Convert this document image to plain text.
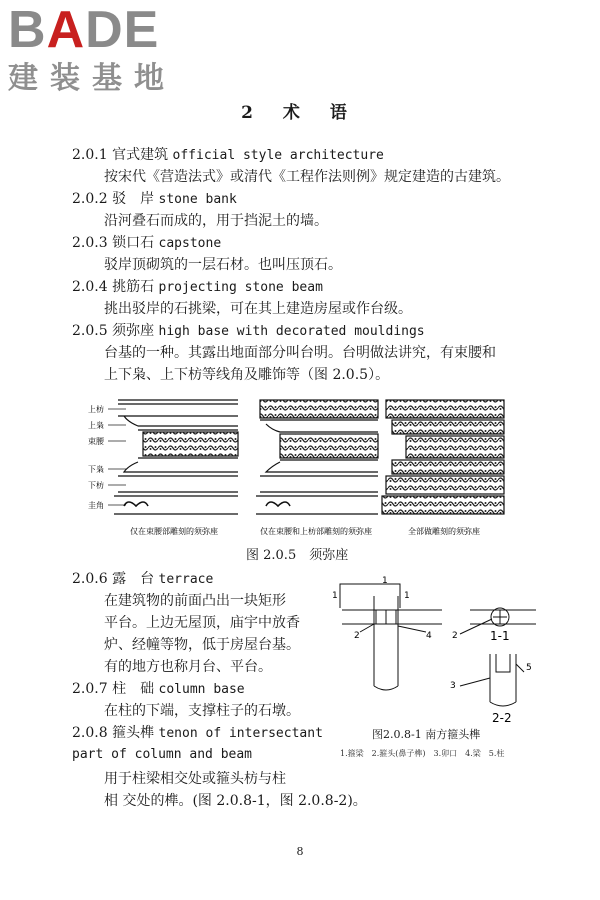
BADE
建装基地
2 术 语
2.0.1 官式建筑 official style architecture
按宋代《营造法式》或清代《工程作法则例》规定建造的古建筑。
2.0.2 驳　岸 stone bank
沿河叠石而成的，用于挡泥土的墙。
2.0.3 锁口石 capstone
驳岸顶砌筑的一层石材。也叫压顶石。
2.0.4 挑筋石 projecting stone beam
挑出驳岸的石挑梁，可在其上建造房屋或作台级。
2.0.5 须弥座 high base with decorated mouldings
台基的一种。其露出地面部分叫台明。台明做法讲究，有束腰和
上下枭、上下枋等线角及雕饰等（图 2.0.5）。
上枋
上枭
束腰
下枭
下枋
圭角
仅在束腰部雕刻的须弥座	仅在束腰和上枋部雕刻的须弥座	全部做雕刻的须弥座
图 2.0.5　须弥座
2.0.6 露　台 terrace
在建筑物的前面凸出一块矩形
平台。上边无屋顶，庙宇中放香
炉、经幢等物，低于房屋台基。
有的地方也称月台、平台。
2.0.7 柱　础 column base
在柱的下端，支撑柱子的石墩。
2.0.8 箍头榫 tenon of intersectant
part of column and beam
用于柱梁相交处或箍头枋与柱
相 交处的榫。(图 2.0.8-1，图 2.0.8-2)。
1
1	1
2	4 2	1-1
3
5
2-2
图2.0.8-1 南方箍头榫
1.箍梁　2.箍头(鼻子榫)　3.卯口　4.梁　5.柱
8
